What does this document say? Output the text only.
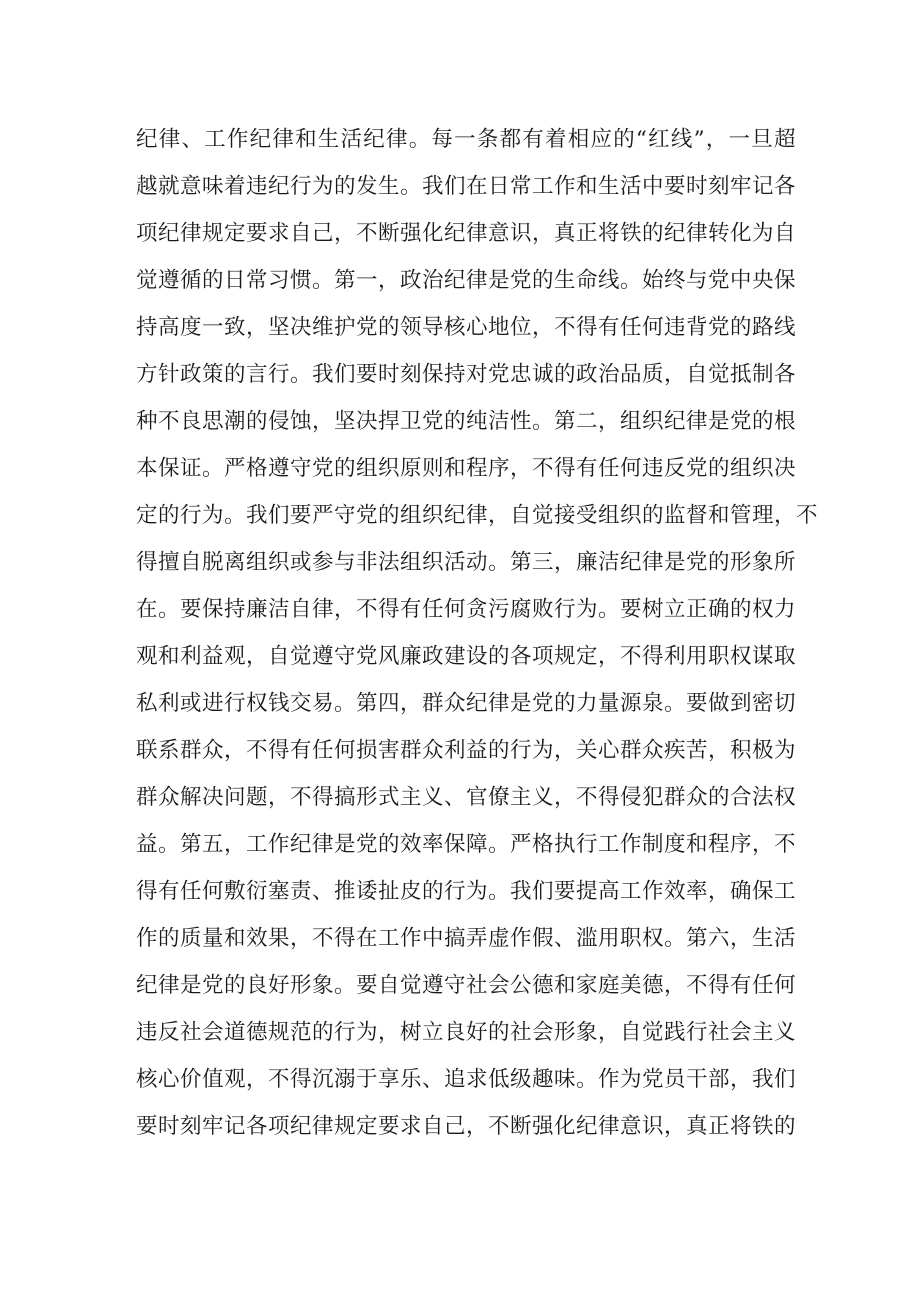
纪律、工作纪律和生活纪律。每一条都有着相应的“红线”，一旦超
越就意味着违纪行为的发生。我们在日常工作和生活中要时刻牢记各
项纪律规定要求自己，不断强化纪律意识，真正将铁的纪律转化为自
觉遵循的日常习惯。第一，政治纪律是党的生命线。始终与党中央保
持高度一致，坚决维护党的领导核心地位，不得有任何违背党的路线
方针政策的言行。我们要时刻保持对党忠诚的政治品质，自觉抵制各
种不良思潮的侵蚀，坚决捍卫党的纯洁性。第二，组织纪律是党的根
本保证。严格遵守党的组织原则和程序，不得有任何违反党的组织决
定的行为。我们要严守党的组织纪律，自觉接受组织的监督和管理，不
得擅自脱离组织或参与非法组织活动。第三，廉洁纪律是党的形象所
在。要保持廉洁自律，不得有任何贪污腐败行为。要树立正确的权力
观和利益观，自觉遵守党风廉政建设的各项规定，不得利用职权谋取
私利或进行权钱交易。第四，群众纪律是党的力量源泉。要做到密切
联系群众，不得有任何损害群众利益的行为，关心群众疾苦，积极为
群众解决问题，不得搞形式主义、官僚主义，不得侵犯群众的合法权
益。第五，工作纪律是党的效率保障。严格执行工作制度和程序，不
得有任何敷衍塞责、推诿扯皮的行为。我们要提高工作效率，确保工
作的质量和效果，不得在工作中搞弄虚作假、滥用职权。第六，生活
纪律是党的良好形象。要自觉遵守社会公德和家庭美德，不得有任何
违反社会道德规范的行为，树立良好的社会形象，自觉践行社会主义
核心价值观，不得沉溺于享乐、追求低级趣味。作为党员干部，我们
要时刻牢记各项纪律规定要求自己，不断强化纪律意识，真正将铁的
